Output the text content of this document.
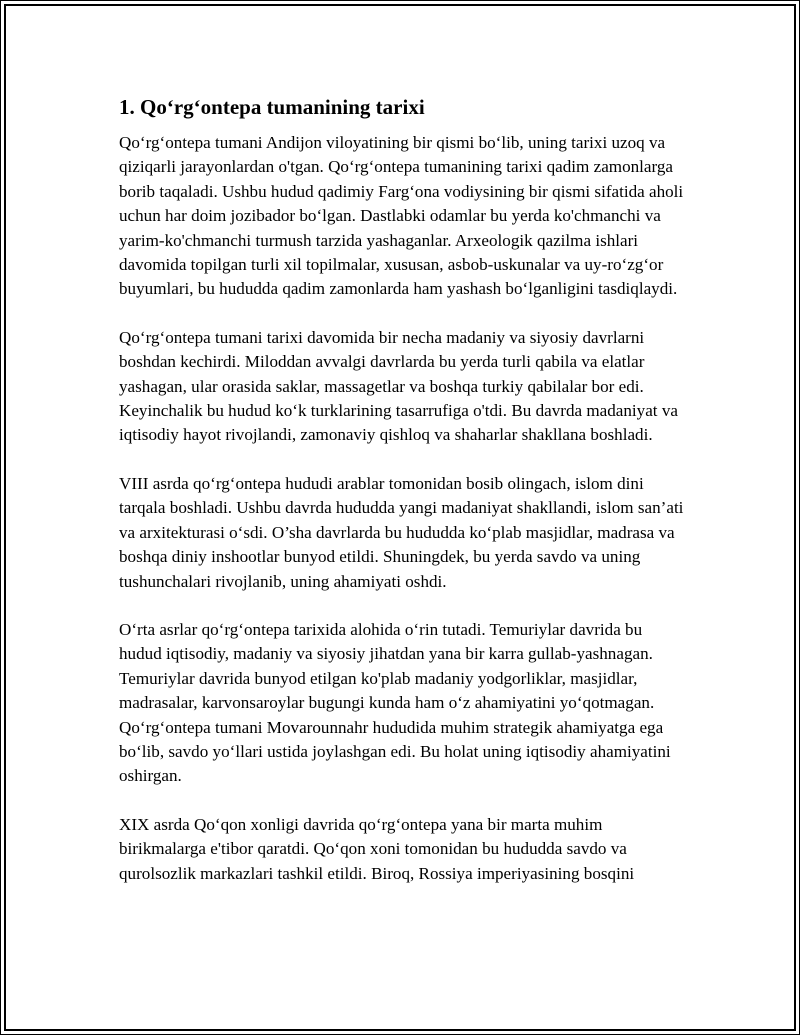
1. Qo‘rg‘ontepa tumanining tarixi

Qo‘rg‘ontepa tumani Andijon viloyatining bir qismi bo‘lib, uning tarixi uzoq va qiziqarli jarayonlardan o'tgan. Qo‘rg‘ontepa tumanining tarixi qadim zamonlarga borib taqaladi. Ushbu hudud qadimiy Farg‘ona vodiysining bir qismi sifatida aholi uchun har doim jozibador bo‘lgan. Dastlabki odamlar bu yerda ko'chmanchi va yarim-ko'chmanchi turmush tarzida yashaganlar. Arxeologik qazilma ishlari davomida topilgan turli xil topilmalar, xususan, asbob-uskunalar va uy-ro‘zg‘or buyumlari, bu hududda qadim zamonlarda ham yashash bo‘lganligini tasdiqlaydi.

Qo‘rg‘ontepa tumani tarixi davomida bir necha madaniy va siyosiy davrlarni boshdan kechirdi. Miloddan avvalgi davrlarda bu yerda turli qabila va elatlar yashagan, ular orasida saklar, massagetlar va boshqa turkiy qabilalar bor edi. Keyinchalik bu hudud ko‘k turklarining tasarrufiga o'tdi. Bu davrda madaniyat va iqtisodiy hayot rivojlandi, zamonaviy qishloq va shaharlar shakllana boshladi.

VIII asrda qo‘rg‘ontepa hududi arablar tomonidan bosib olingach, islom dini tarqala boshladi. Ushbu davrda hududda yangi madaniyat shakllandi, islom san’ati va arxitekturasi o‘sdi. O’sha davrlarda bu hududda ko‘plab masjidlar, madrasa va boshqa diniy inshootlar bunyod etildi. Shuningdek, bu yerda savdo va uning tushunchalari rivojlanib, uning ahamiyati oshdi.

O‘rta asrlar qo‘rg‘ontepa tarixida alohida o‘rin tutadi. Temuriylar davrida bu hudud iqtisodiy, madaniy va siyosiy jihatdan yana bir karra gullab-yashnagan. Temuriylar davrida bunyod etilgan ko'plab madaniy yodgorliklar, masjidlar, madrasalar, karvonsaroylar bugungi kunda ham o‘z ahamiyatini yo‘qotmagan. Qo‘rg‘ontepa tumani Movarounnahr hududida muhim strategik ahamiyatga ega bo‘lib, savdo yo‘llari ustida joylashgan edi. Bu holat uning iqtisodiy ahamiyatini oshirgan.

XIX asrda Qo‘qon xonligi davrida qo‘rg‘ontepa yana bir marta muhim birikmalarga e'tibor qaratdi. Qo‘qon xoni tomonidan bu hududda savdo va qurolsozlik markazlari tashkil etildi. Biroq, Rossiya imperiyasining bosqini
